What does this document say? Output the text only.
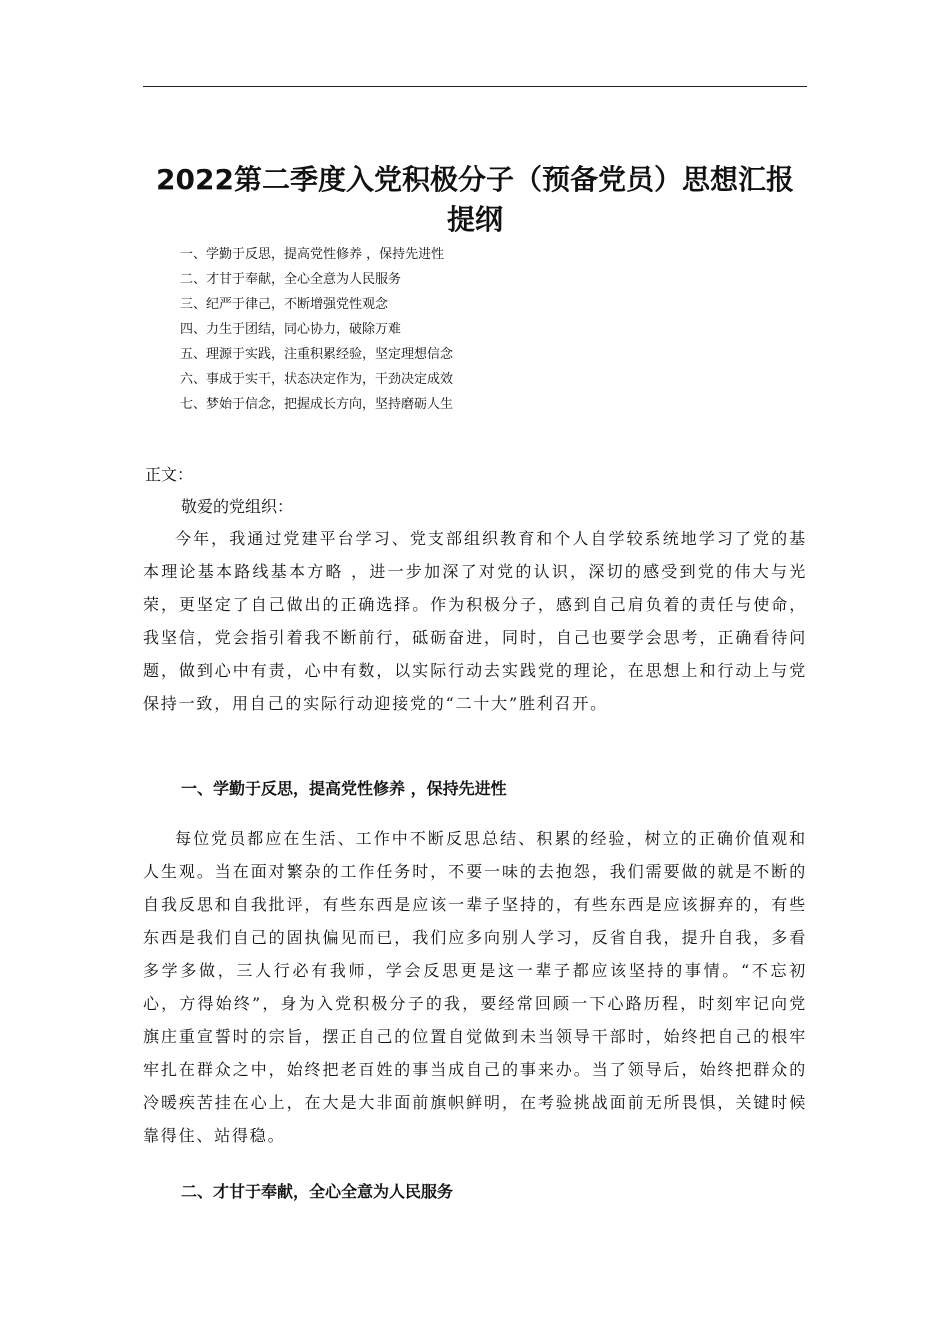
2022第二季度入党积极分子（预备党员）思想汇报提纲
一、学勤于反思，提高党性修养 ，保持先进性
二、才甘于奉献，全心全意为人民服务
三、纪严于律己，不断增强党性观念
四、力生于团结，同心协力，破除万难
五、理源于实践，注重积累经验，坚定理想信念
六、事成于实干，状态决定作为，干劲决定成效
七、梦始于信念，把握成长方向，坚持磨砺人生
正文：
敬爱的党组织：

今年，我通过党建平台学习、党支部组织教育和个人自学较系统地学习了党的基本理论基本路线基本方略 ，进一步加深了对党的认识，深切的感受到党的伟大与光荣，更坚定了自己做出的正确选择。作为积极分子，感到自己肩负着的责任与使命，我坚信，党会指引着我不断前行，砥砺奋进，同时，自己也要学会思考，正确看待问题，做到心中有责，心中有数，以实际行动去实践党的理论，在思想上和行动上与党保持一致，用自己的实际行动迎接党的“二十大”胜利召开。

一、学勤于反思，提高党性修养 ，保持先进性

每位党员都应在生活、工作中不断反思总结、积累的经验，树立的正确价值观和人生观。当在面对繁杂的工作任务时，不要一味的去抱怨，我们需要做的就是不断的自我反思和自我批评，有些东西是应该一辈子坚持的，有些东西是应该摒弃的，有些东西是我们自己的固执偏见而已，我们应多向别人学习，反省自我，提升自我，多看多学多做，三人行必有我师，学会反思更是这一辈子都应该坚持的事情。“不忘初心，方得始终”，身为入党积极分子的我，要经常回顾一下心路历程，时刻牢记向党旗庄重宣誓时的宗旨，摆正自己的位置自觉做到未当领导干部时，始终把自己的根牢牢扎在群众之中，始终把老百姓的事当成自己的事来办。当了领导后，始终把群众的冷暖疾苦挂在心上，在大是大非面前旗帜鲜明，在考验挑战面前无所畏惧，关键时候靠得住、站得稳。

二、才甘于奉献，全心全意为人民服务
